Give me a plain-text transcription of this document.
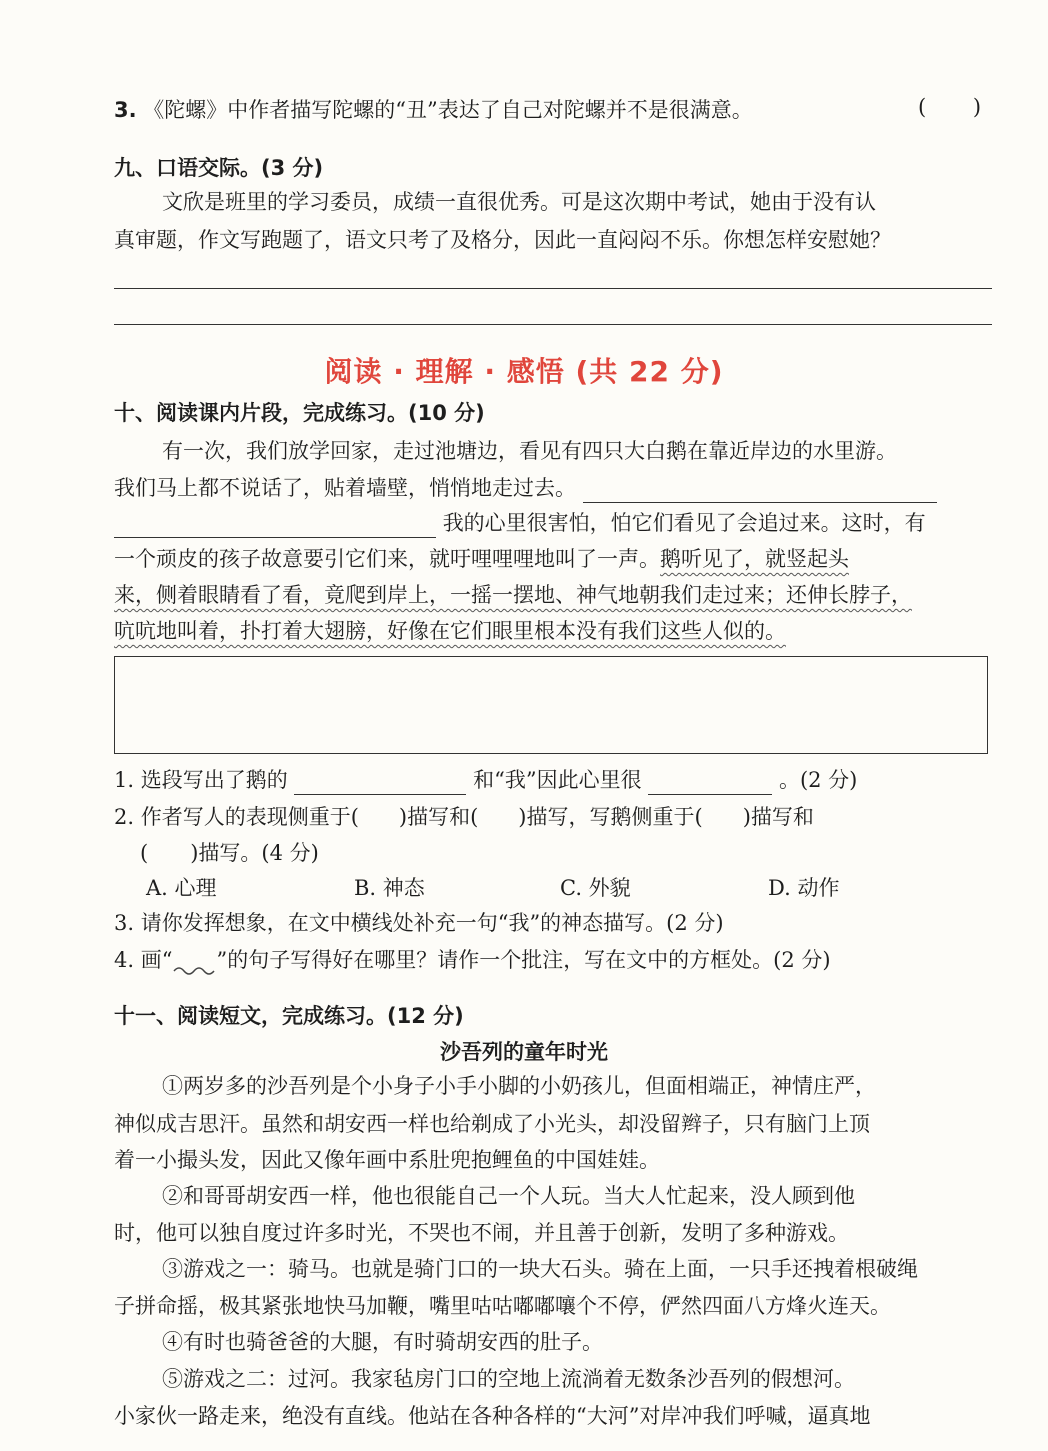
3. 《陀螺》中作者描写陀螺的“丑”表达了自己对陀螺并不是很满意。	( )
九、口语交际。(3 分)
文欣是班里的学习委员，成绩一直很优秀。可是这次期中考试，她由于没有认
真审题，作文写跑题了，语文只考了及格分，因此一直闷闷不乐。你想怎样安慰她？
阅读 · 理解 · 感悟 (共 22 分)
十、阅读课内片段，完成练习。(10 分)
有一次，我们放学回家，走过池塘边，看见有四只大白鹅在靠近岸边的水里游。
我们马上都不说话了，贴着墙壁，悄悄地走过去。
我的心里很害怕，怕它们看见了会追过来。这时，有
一个顽皮的孩子故意要引它们来，就吁哩哩哩地叫了一声。鹅听见了，就竖起头
来，侧着眼睛看了看，竟爬到岸上，一摇一摆地、神气地朝我们走过来；还伸长脖子，
吭吭地叫着，扑打着大翅膀，好像在它们眼里根本没有我们这些人似的。
1. 选段写出了鹅的	和“我”因此心里很	。(2 分)
2. 作者写人的表现侧重于( )描写和( )描写，写鹅侧重于( )描写和
( )描写。(4 分)
A. 心理	B. 神态	C. 外貌	D. 动作
3. 请你发挥想象，在文中横线处补充一句“我”的神态描写。(2 分)
4. 画“ ”的句子写得好在哪里？请作一个批注，写在文中的方框处。(2 分)
十一、阅读短文，完成练习。(12 分)
沙吾列的童年时光
①两岁多的沙吾列是个小身子小手小脚的小奶孩儿，但面相端正，神情庄严，
神似成吉思汗。虽然和胡安西一样也给剃成了小光头，却没留辫子，只有脑门上顶
着一小撮头发，因此又像年画中系肚兜抱鲤鱼的中国娃娃。
②和哥哥胡安西一样，他也很能自己一个人玩。当大人忙起来，没人顾到他
时，他可以独自度过许多时光，不哭也不闹，并且善于创新，发明了多种游戏。
③游戏之一：骑马。也就是骑门口的一块大石头。骑在上面，一只手还拽着根破绳
子拼命摇，极其紧张地快马加鞭，嘴里咕咕嘟嘟嚷个不停，俨然四面八方烽火连天。
④有时也骑爸爸的大腿，有时骑胡安西的肚子。
⑤游戏之二：过河。我家毡房门口的空地上流淌着无数条沙吾列的假想河。
小家伙一路走来，绝没有直线。他站在各种各样的“大河”对岸冲我们呼喊，逼真地
